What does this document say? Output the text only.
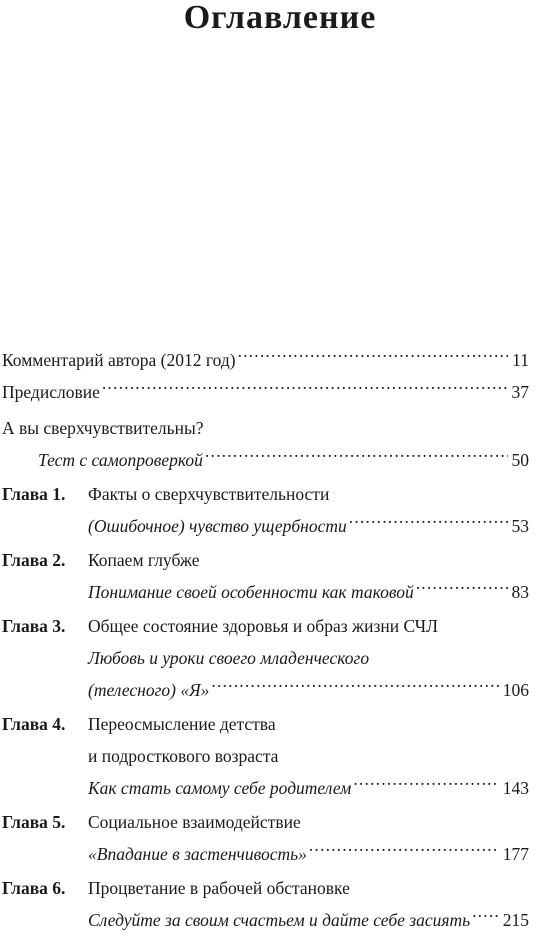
Оглавление
Комментарий автора (2012 год) .....	11
Предисловие .....	37
А вы сверхчувствительны?
Тест с самопроверкой .....	50
Глава 1. Факты о сверхчувствительности
(Ошибочное) чувство ущербности .....	53
Глава 2. Копаем глубже
Понимание своей особенности как таковой .....	83
Глава 3. Общее состояние здоровья и образ жизни СЧЛ
Любовь и уроки своего младенческого
(телесного) «Я» .....	106
Глава 4. Переосмысление детства
и подросткового возраста
Как стать самому себе родителем .....	143
Глава 5. Социальное взаимодействие
«Впадание в застенчивость» .....	177
Глава 6. Процветание в рабочей обстановке
Следуйте за своим счастьем и дайте себе засиять ..... 215
